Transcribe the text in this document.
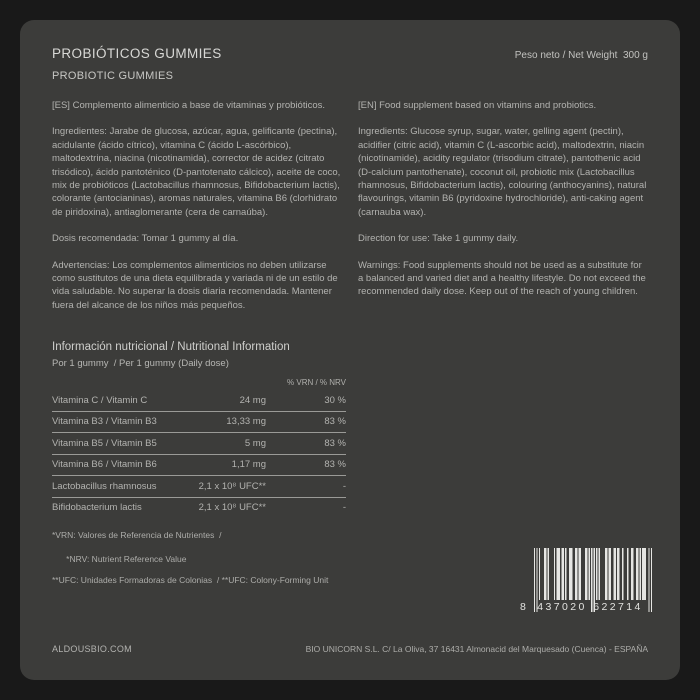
PROBIÓTICOS GUMMIES
PROBIOTIC GUMMIES
Peso neto / Net Weight  300 g

[ES] Complemento alimenticio a base de vitaminas y probióticos.

Ingredientes: Jarabe de glucosa, azúcar, agua, gelificante (pectina), acidulante (ácido cítrico), vitamina C (ácido L-ascórbico), maltodextrina, niacina (nicotinamida), corrector de acidez (citrato trisódico), ácido pantoténico (D-pantotenato cálcico), aceite de coco, mix de probióticos (Lactobacillus rhamnosus, Bifidobacterium lactis), colorante (antocianinas), aromas naturales, vitamina B6 (clorhidrato de piridoxina), antiaglomerante (cera de carnaúba).

Dosis recomendada: Tomar 1 gummy al día.

Advertencias: Los complementos alimenticios no deben utilizarse como sustitutos de una dieta equilibrada y variada ni de un estilo de vida saludable. No superar la dosis diaria recomendada. Mantener fuera del alcance de los niños más pequeños.

[EN] Food supplement based on vitamins and probiotics.

Ingredients: Glucose syrup, sugar, water, gelling agent (pectin), acidifier (citric acid), vitamin C (L-ascorbic acid), maltodextrin, niacin (nicotinamide), acidity regulator (trisodium citrate), pantothenic acid (D-calcium pantothenate), coconut oil, probiotic mix (Lactobacillus rhamnosus, Bifidobacterium lactis), colouring (anthocyanins), natural flavourings, vitamin B6 (pyridoxine hydrochloride), anti-caking agent (carnauba wax).

Direction for use: Take 1 gummy daily.

Warnings: Food supplements should not be used as a substitute for a balanced and varied diet and a healthy lifestyle. Do not exceed the recommended daily dose. Keep out of the reach of young children.

Información nutricional / Nutritional Information
Por 1 gummy  / Per 1 gummy (Daily dose)
% VRN / % NRV
Vitamina C / Vitamin C	24 mg	30 %
Vitamina B3 / Vitamin B3	13,33 mg	83 %
Vitamina B5 / Vitamin B5	5 mg	83 %
Vitamina B6 / Vitamin B6	1,17 mg	83 %
Lactobacillus rhamnosus	2,1 x 10⁸ UFC**	-
Bifidobacterium lactis	2,1 x 10⁸ UFC**	-
*VRN: Valores de Referencia de Nutrientes  /

*NRV: Nutrient Reference Value
**UFC: Unidades Formadoras de Colonias  / **UFC: Colony-Forming Unit
8	437020 622714
ALDOUSBIO.COM	BIO UNICORN S.L. C/ La Oliva, 37 16431 Almonacid del Marquesado (Cuenca) - ESPAÑA
